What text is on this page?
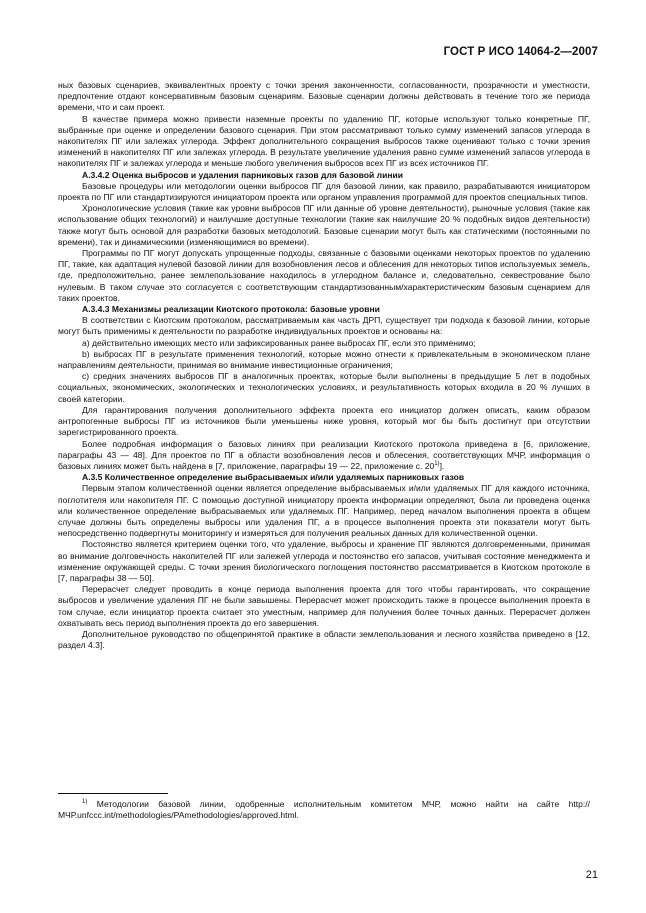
ГОСТ Р ИСО 14064-2—2007

ных базовых сценариев, эквивалентных проекту с точки зрения законченности, согласованности, прозрачности и уместности, предпочтение отдают консервативным базовым сценариям. Базовые сценарии должны действовать в течение того же периода времени, что и сам проект.

В качестве примера можно привести наземные проекты по удалению ПГ, которые используют только конкретные ПГ, выбранные при оценке и определении базового сценария. При этом рассматривают только сумму изменений запасов углерода в накопителях ПГ или залежах углерода. Эффект дополнительного сокращения выбросов также оценивают только с точки зрения изменений в накопителях ПГ или залежах углерода. В результате увеличение удаления равно сумме изменений запасов углерода в накопителях ПГ и залежах углерода и меньше любого увеличения выбросов всех ПГ из всех источников ПГ.

А.3.4.2 Оценка выбросов и удаления парниковых газов для базовой линии

Базовые процедуры или методологии оценки выбросов ПГ для базовой линии, как правило, разрабатываются инициатором проекта по ПГ или стандартизируются инициатором проекта или органом управления программой для проектов специальных типов.

Хронологические условия (такие как уровни выбросов ПГ или данные об уровне деятельности), рыночные условия (такие как использование общих технологий) и наилучшие доступные технологии (такие как наилучшие 20 % подобных видов деятельности) также могут быть основой для разработки базовых методологий. Базовые сценарии могут быть как статическими (постоянными по времени), так и динамическими (изменяющимися во времени).

Программы по ПГ могут допускать упрощенные подходы, связанные с базовыми оценками некоторых проектов по удалению ПГ, такие, как адаптация нулевой базовой линии для возобновления лесов и облесения для некоторых типов используемых земель, где, предположительно, ранее землепользование находилось в углеродном балансе и, следовательно, секвестрование было нулевым. В таком случае это согласуется с соответствующим стандартизованным/характеристическим базовым сценарием для таких проектов.

А.3.4.3 Механизмы реализации Киотского протокола: базовые уровни

В соответствии с Киотским протоколом, рассматриваемым как часть ДРП, существует три подхода к базовой линии, которые могут быть применимы к деятельности по разработке индивидуальных проектов и основаны на:

а) действительно имеющих место или зафиксированных ранее выбросах ПГ, если это применимо;

b) выбросах ПГ в результате применения технологий, которые можно отнести к привлекательным в экономическом плане направлениям деятельности, принимая во внимание инвестиционные ограничения;

с) средних значениях выбросов ПГ в аналогичных проектах, которые были выполнены в предыдущие 5 лет в подобных социальных, экономических, экологических и технологических условиях, и результативность которых входила в 20 % лучших в своей категории.

Для гарантирования получения дополнительного эффекта проекта его инициатор должен описать, каким образом антропогенные выбросы ПГ из источников были уменьшены ниже уровня, который мог бы быть достигнут при отсутствии зарегистрированного проекта.

Более подробная информация о базовых линиях при реализации Киотского протокола приведена в [6, приложение, параграфы 43 — 48]. Для проектов по ПГ в области возобновления лесов и облесения, соответствующих МЧР, информация о базовых линиях может быть найдена в [7, приложение, параграфы 19 — 22, приложение с. 20$^{1)}$].

А.3.5 Количественное определение выбрасываемых и/или удаляемых парниковых газов

Первым этапом количественной оценки является определение выбрасываемых и/или удаляемых ПГ для каждого источника, поглотителя или накопителя ПГ. С помощью доступной инициатору проекта информации определяют, была ли проведена оценка или количественное определение выбрасываемых или удаляемых ПГ. Например, перед началом выполнения проекта в общем случае должны быть определены выбросы или удаления ПГ, а в процессе выполнения проекта эти показатели могут быть непосредственно подвергнуты мониторингу и измеряться для получения реальных данных для количественной оценки.

Постоянство является критерием оценки того, что удаление, выбросы и хранение ПГ являются долговременными, принимая во внимание долговечность накопителей ПГ или залежей углерода и постоянство его запасов, учитывая состояние менеджмента и изменение окружающей среды. С точки зрения биологического поглощения постоянство рассматривается в Киотском протоколе в [7, параграфы 38 — 50].

Перерасчет следует проводить в конце периода выполнения проекта для того чтобы гарантировать, что сокращение выбросов и увеличение удаления ПГ не были завышены. Перерасчет может происходить также в процессе выполнения проекта в том случае, если инициатор проекта считает это уместным, например для получения более точных данных. Перерасчет должен охватывать весь период выполнения проекта до его завершения.

Дополнительное руководство по общепринятой практике в области землепользования и лесного хозяйства приведено в [12, раздел 4.3].

$^{1)}$ Методологии базовой линии, одобренные исполнительным комитетом МЧР, можно найти на сайте http://МЧР.unfccc.int/methodologies/PAmethodologies/approved.html.

21
